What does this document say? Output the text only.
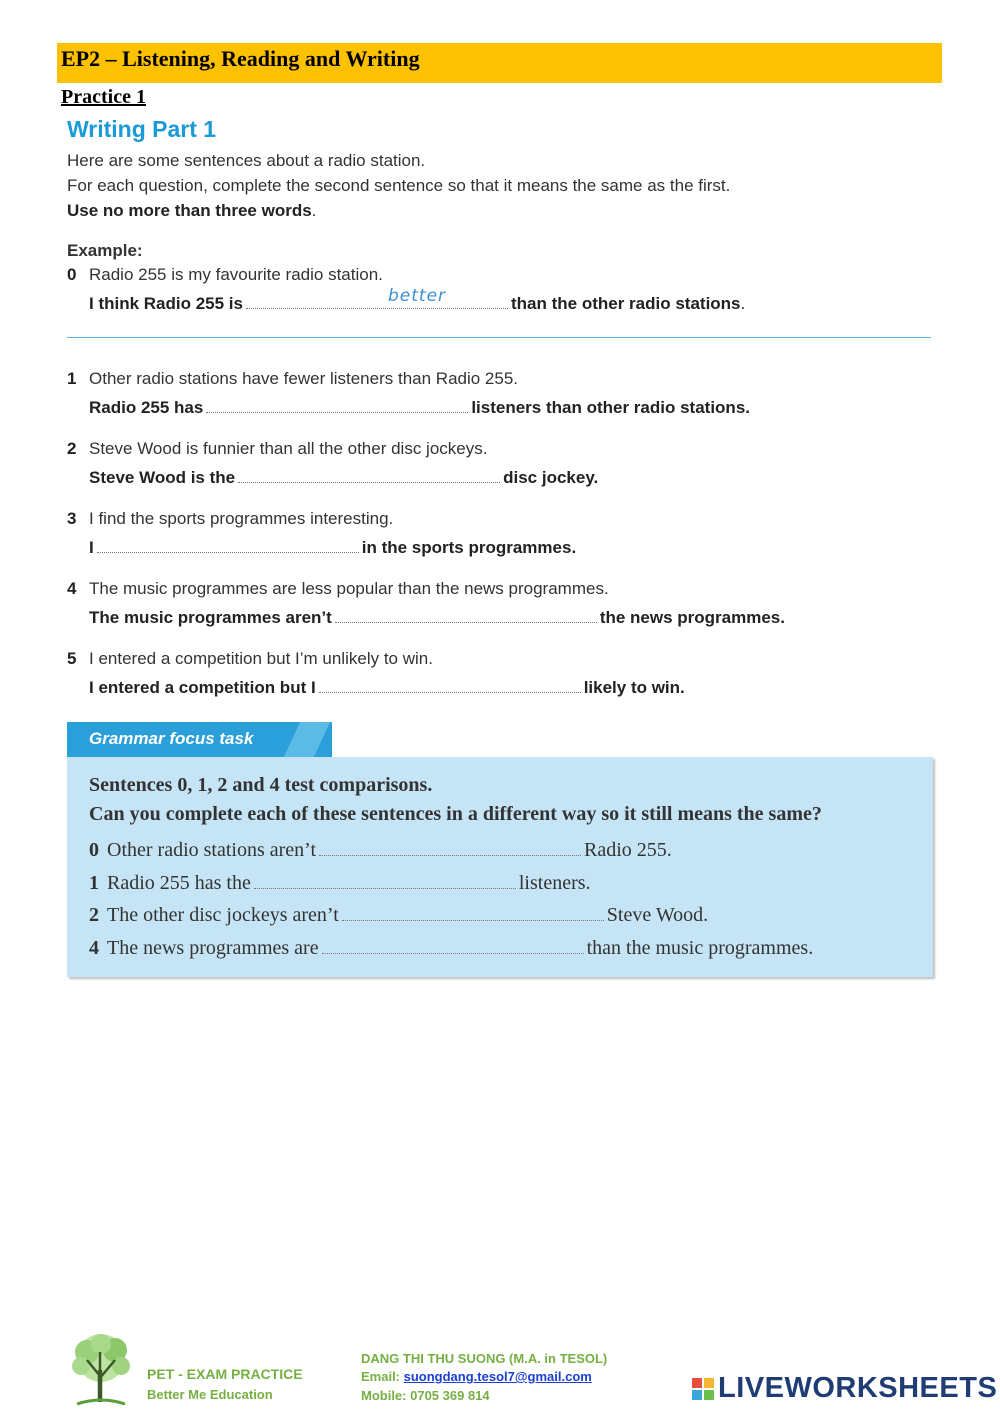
EP2 – Listening, Reading and Writing
Practice 1
Writing Part 1
Here are some sentences about a radio station.
For each question, complete the second sentence so that it means the same as the first.
Use no more than three words.
Example:
0 Radio 255 is my favourite radio station.
I think Radio 255 is	than the other radio stations.
better
1 Other radio stations have fewer listeners than Radio 255.
Radio 255 has	listeners than other radio stations.
2 Steve Wood is funnier than all the other disc jockeys.
Steve Wood is the	disc jockey.
3 I find the sports programmes interesting.
I	in the sports programmes.
4 The music programmes are less popular than the news programmes.
The music programmes aren’t	the news programmes.
5 I entered a competition but I’m unlikely to win.
I entered a competition but I	likely to win.
Grammar focus task
Sentences 0, 1, 2 and 4 test comparisons.
Can you complete each of these sentences in a different way so it still means the same?
0 Other radio stations aren’t	Radio 255.
1 Radio 255 has the	listeners.
2 The other disc jockeys aren’t	Steve Wood.
4 The news programmes are	than the music programmes.
PET - EXAM PRACTICE
Better Me Education
DANG THI THU SUONG (M.A. in TESOL)
Email: suongdang.tesol7@gmail.com
Mobile: 0705 369 814	LIVEWORKSHEETS
